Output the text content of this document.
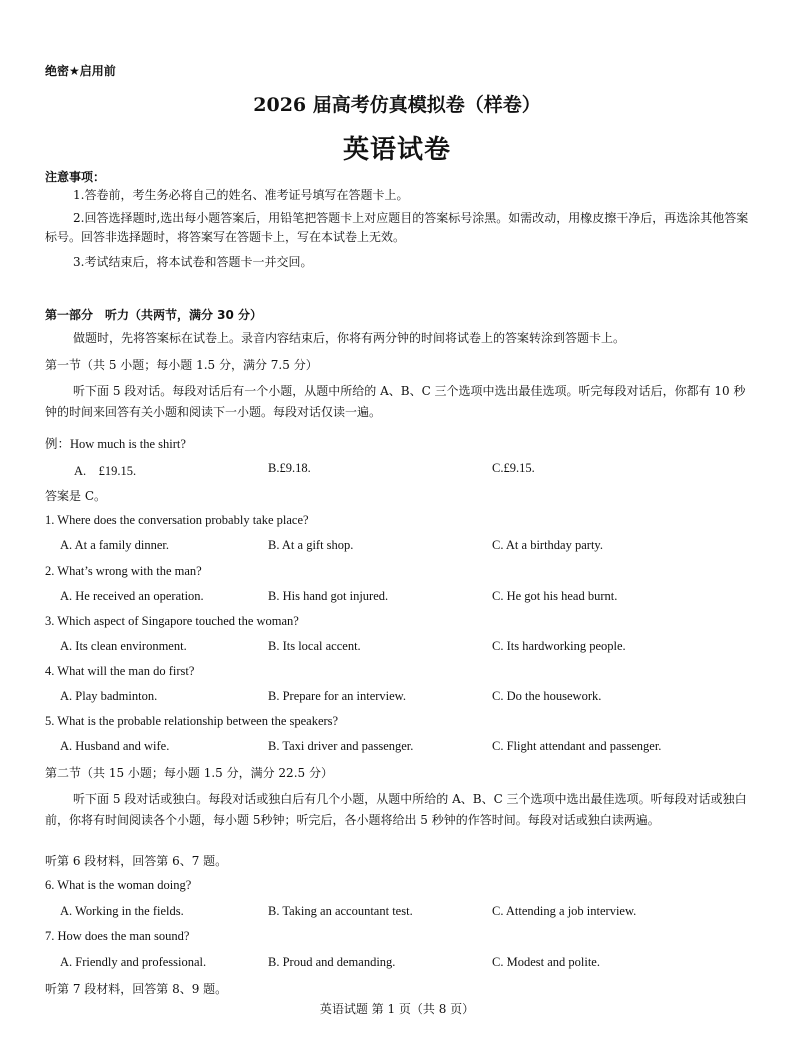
绝密★启用前
2026 届高考仿真模拟卷（样卷）
英语试卷
注意事项：
1.答卷前，考生务必将自己的姓名、准考证号填写在答题卡上。
2.回答选择题时,选出每小题答案后，用铅笔把答题卡上对应题目的答案标号涂黑。如需改动，用橡皮擦干净后，再选涂其他答案标号。回答非选择题时，将答案写在答题卡上，写在本试卷上无效。
3.考试结束后，将本试卷和答题卡一并交回。
第一部分　听力（共两节，满分 30 分）
做题时，先将答案标在试卷上。录音内容结束后，你将有两分钟的时间将试卷上的答案转涂到答题卡上。
第一节（共 5 小题；每小题 1.5 分，满分 7.5 分）
听下面 5 段对话。每段对话后有一个小题，从题中所给的 A、B、C 三个选项中选出最佳选项。听完每段对话后，你都有 10 秒钟的时间来回答有关小题和阅读下一小题。每段对话仅读一遍。
例：How much is the shirt?
A.　£19.15.	B.£9.18.	C.£9.15.
答案是 C。
1. Where does the conversation probably take place?
A. At a family dinner.	B. At a gift shop.	C. At a birthday party.
2. What’s wrong with the man?
A. He received an operation.	B. His hand got injured.	C. He got his head burnt.
3. Which aspect of Singapore touched the woman?
A. Its clean environment.	B. Its local accent.	C. Its hardworking people.
4. What will the man do first?
A. Play badminton.	B. Prepare for an interview.	C. Do the housework.
5. What is the probable relationship between the speakers?
A. Husband and wife.	B. Taxi driver and passenger.	C. Flight attendant and passenger.
第二节（共 15 小题；每小题 1.5 分，满分 22.5 分）
听下面 5 段对话或独白。每段对话或独白后有几个小题，从题中所给的 A、B、C 三个选项中选出最佳选项。听每段对话或独白前，你将有时间阅读各个小题，每小题 5秒钟；听完后，各小题将给出 5 秒钟的作答时间。每段对话或独白读两遍。
听第 6 段材料，回答第 6、7 题。
6. What is the woman doing?
A. Working in the fields.	B. Taking an accountant test.	C. Attending a job interview.
7. How does the man sound?
A. Friendly and professional.	B. Proud and demanding.	C. Modest and polite.
听第 7 段材料，回答第 8、9 题。
英语试题 第 1 页（共 8 页）
